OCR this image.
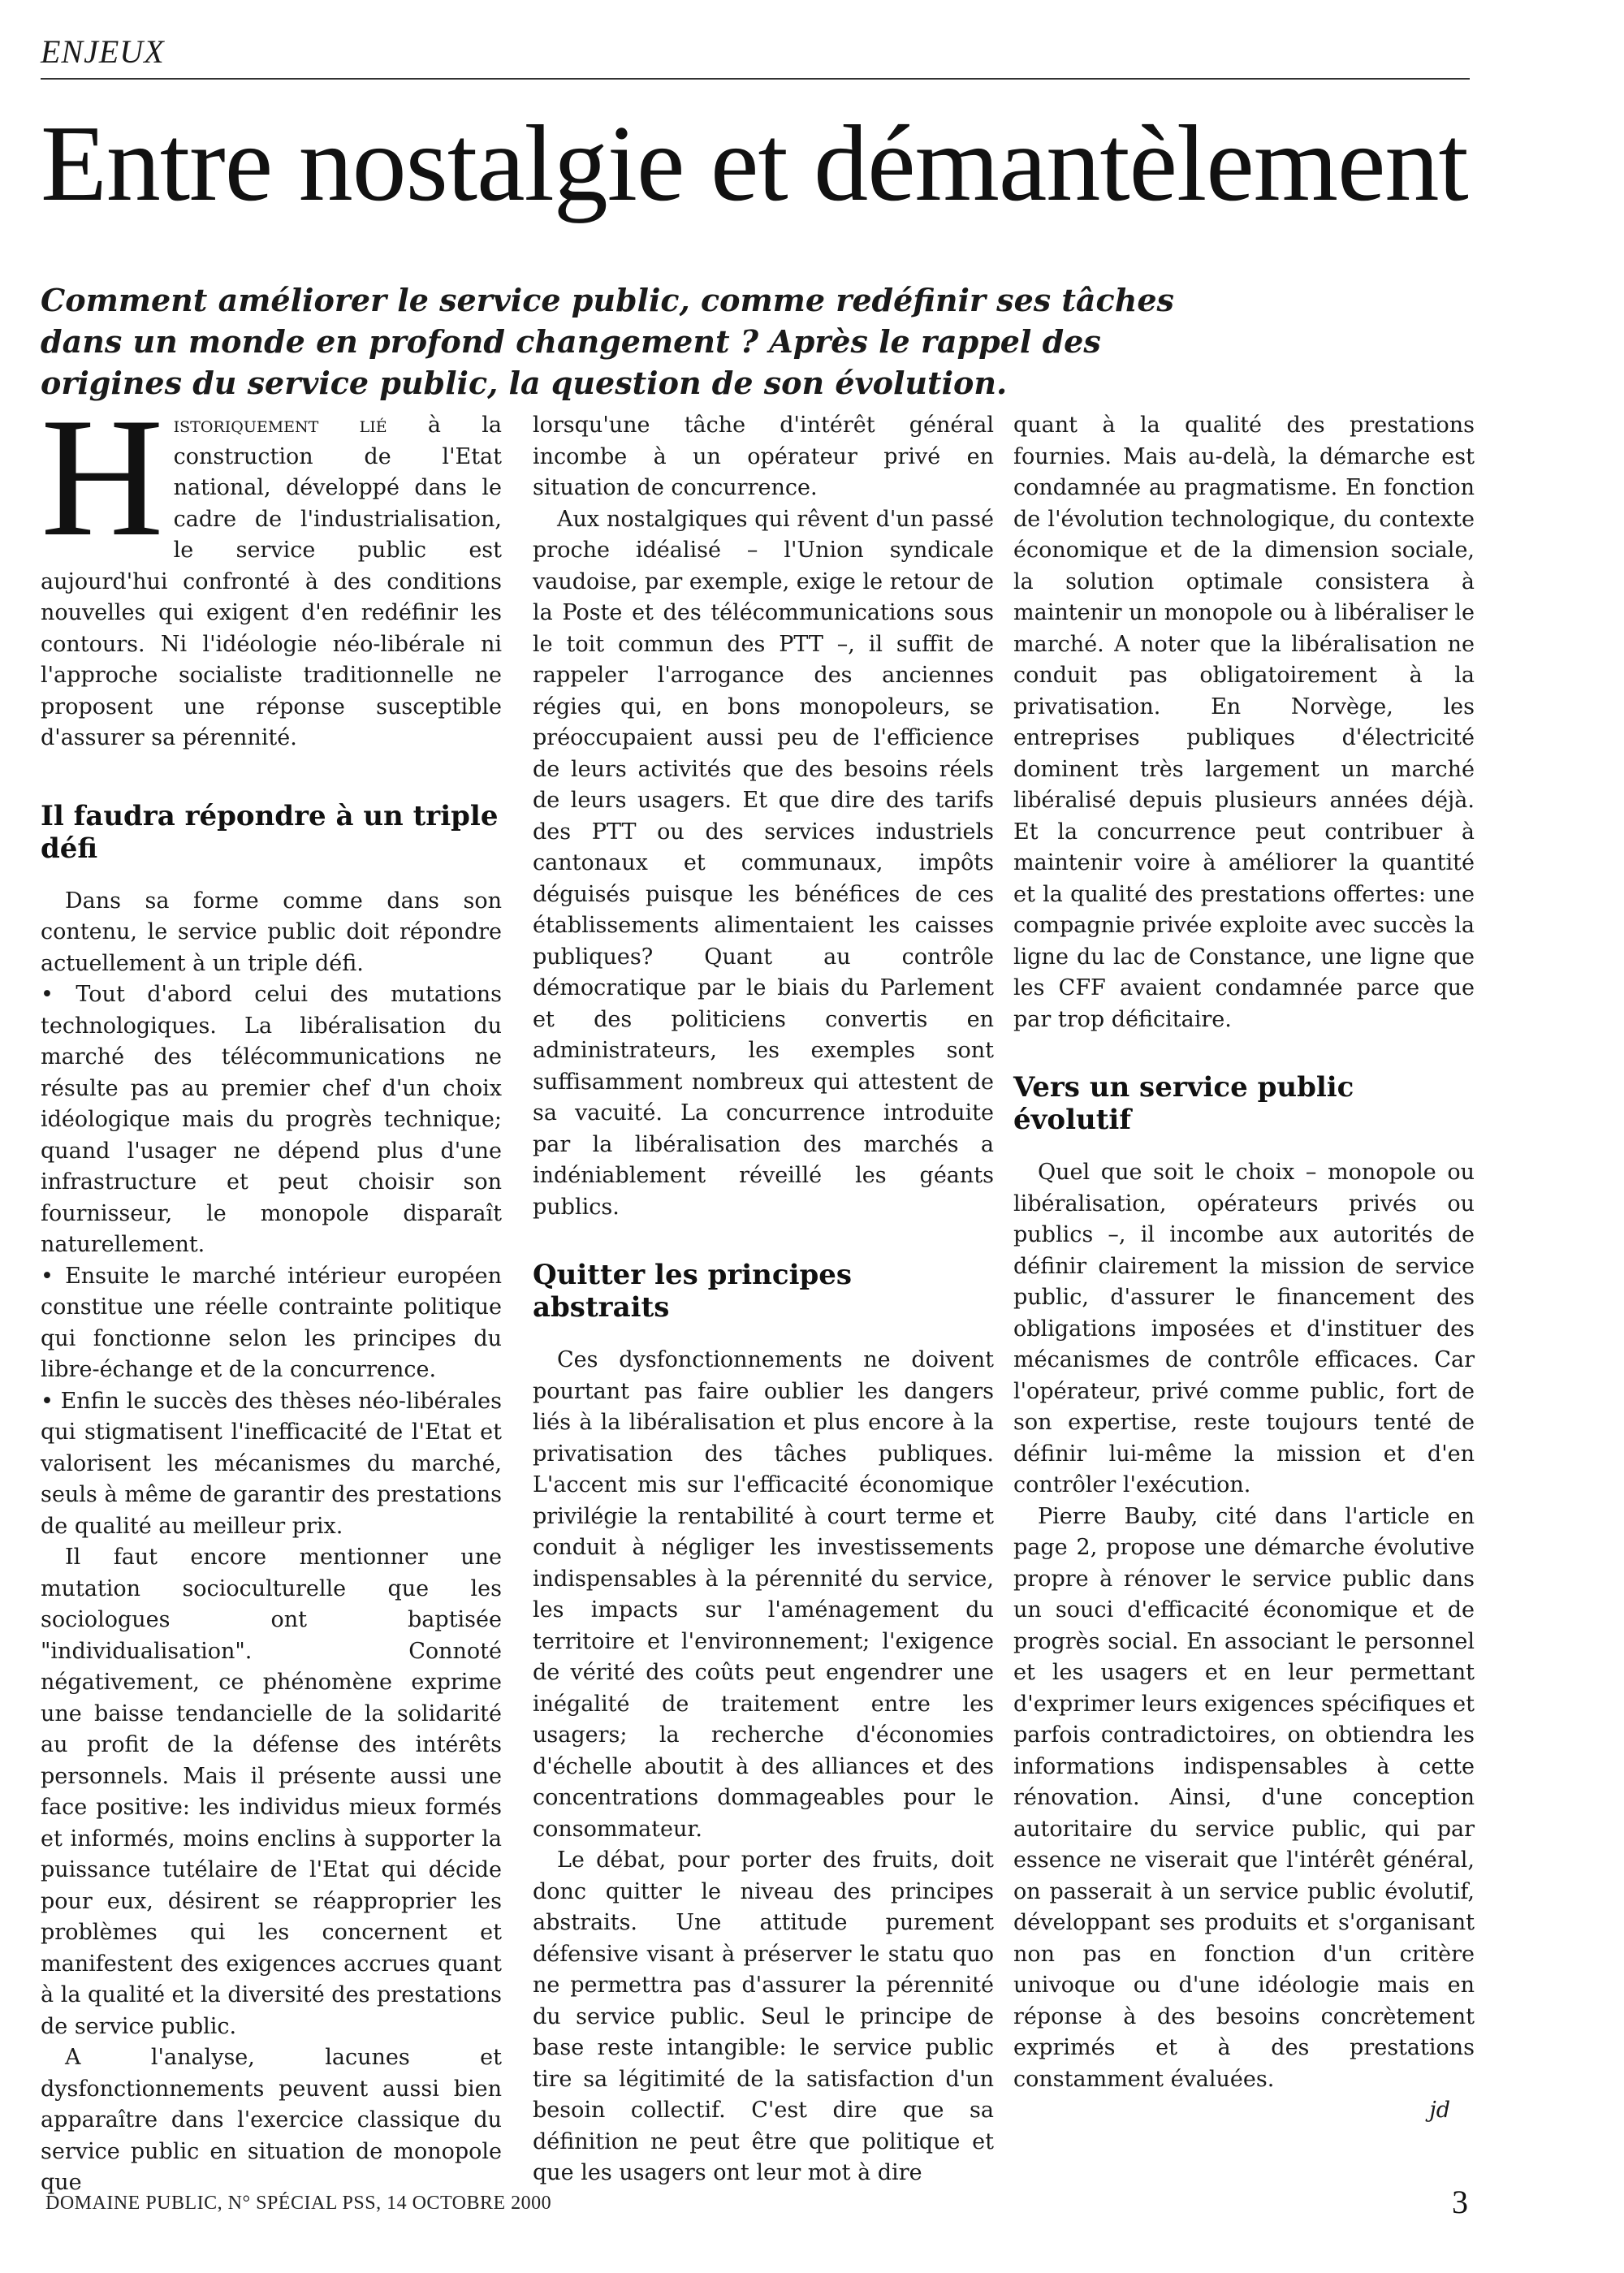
ENJEUX
Entre nostalgie et démantèlement

Comment améliorer le service public, comme redéfinir ses tâches dans un monde en profond changement ? Après le rappel des origines du service public, la question de son évolution.

Historiquement lié à la construction de l'Etat national, développé dans le cadre de l'industrialisation, le service public est aujourd'hui confronté à des conditions nouvelles qui exigent d'en redéfinir les contours. Ni l'idéologie néo-libérale ni l'approche socialiste traditionnelle ne proposent une réponse susceptible d'assurer sa pérennité.

Il faudra répondre à un triple défi

Dans sa forme comme dans son contenu, le service public doit répondre actuellement à un triple défi.

• Tout d'abord celui des mutations technologiques. La libéralisation du marché des télécommunications ne résulte pas au premier chef d'un choix idéologique mais du progrès technique; quand l'usager ne dépend plus d'une infrastructure et peut choisir son fournisseur, le monopole disparaît naturellement.

• Ensuite le marché intérieur européen constitue une réelle contrainte politique qui fonctionne selon les principes du libre-échange et de la concurrence.

• Enfin le succès des thèses néo-libérales qui stigmatisent l'inefficacité de l'Etat et valorisent les mécanismes du marché, seuls à même de garantir des prestations de qualité au meilleur prix.

Il faut encore mentionner une mutation socioculturelle que les sociologues ont baptisée "individualisation". Connoté négativement, ce phénomène exprime une baisse tendancielle de la solidarité au profit de la défense des intérêts personnels. Mais il présente aussi une face positive: les individus mieux formés et informés, moins enclins à supporter la puissance tutélaire de l'Etat qui décide pour eux, désirent se réapproprier les problèmes qui les concernent et manifestent des exigences accrues quant à la qualité et la diversité des prestations de service public.

A l'analyse, lacunes et dysfonctionnements peuvent aussi bien apparaître dans l'exercice classique du service public en situation de monopole que

lorsqu'une tâche d'intérêt général incombe à un opérateur privé en situation de concurrence.

Aux nostalgiques qui rêvent d'un passé proche idéalisé – l'Union syndicale vaudoise, par exemple, exige le retour de la Poste et des télécommunications sous le toit commun des PTT –, il suffit de rappeler l'arrogance des anciennes régies qui, en bons monopoleurs, se préoccupaient aussi peu de l'efficience de leurs activités que des besoins réels de leurs usagers. Et que dire des tarifs des PTT ou des services industriels cantonaux et communaux, impôts déguisés puisque les bénéfices de ces établissements alimentaient les caisses publiques? Quant au contrôle démocratique par le biais du Parlement et des politiciens convertis en administrateurs, les exemples sont suffisamment nombreux qui attestent de sa vacuité. La concurrence introduite par la libéralisation des marchés a indéniablement réveillé les géants publics.

Quitter les principes abstraits

Ces dysfonctionnements ne doivent pourtant pas faire oublier les dangers liés à la libéralisation et plus encore à la privatisation des tâches publiques. L'accent mis sur l'efficacité économique privilégie la rentabilité à court terme et conduit à négliger les investissements indispensables à la pérennité du service, les impacts sur l'aménagement du territoire et l'environnement; l'exigence de vérité des coûts peut engendrer une inégalité de traitement entre les usagers; la recherche d'économies d'échelle aboutit à des alliances et des concentrations dommageables pour le consommateur.

Le débat, pour porter des fruits, doit donc quitter le niveau des principes abstraits. Une attitude purement défensive visant à préserver le statu quo ne permettra pas d'assurer la pérennité du service public. Seul le principe de base reste intangible: le service public tire sa légitimité de la satisfaction d'un besoin collectif. C'est dire que sa définition ne peut être que politique et que les usagers ont leur mot à dire

quant à la qualité des prestations fournies. Mais au-delà, la démarche est condamnée au pragmatisme. En fonction de l'évolution technologique, du contexte économique et de la dimension sociale, la solution optimale consistera à maintenir un monopole ou à libéraliser le marché. A noter que la libéralisation ne conduit pas obligatoirement à la privatisation. En Norvège, les entreprises publiques d'électricité dominent très largement un marché libéralisé depuis plusieurs années déjà. Et la concurrence peut contribuer à maintenir voire à améliorer la quantité et la qualité des prestations offertes: une compagnie privée exploite avec succès la ligne du lac de Constance, une ligne que les CFF avaient condamnée parce que par trop déficitaire.

Vers un service public évolutif

Quel que soit le choix – monopole ou libéralisation, opérateurs privés ou publics –, il incombe aux autorités de définir clairement la mission de service public, d'assurer le financement des obligations imposées et d'instituer des mécanismes de contrôle efficaces. Car l'opérateur, privé comme public, fort de son expertise, reste toujours tenté de définir lui-même la mission et d'en contrôler l'exécution.

Pierre Bauby, cité dans l'article en page 2, propose une démarche évolutive propre à rénover le service public dans un souci d'efficacité économique et de progrès social. En associant le personnel et les usagers et en leur permettant d'exprimer leurs exigences spécifiques et parfois contradictoires, on obtiendra les informations indispensables à cette rénovation. Ainsi, d'une conception autoritaire du service public, qui par essence ne viserait que l'intérêt général, on passerait à un service public évolutif, développant ses produits et s'organisant non pas en fonction d'un critère univoque ou d'une idéologie mais en réponse à des besoins concrètement exprimés et à des prestations constamment évaluées.

jd
DOMAINE PUBLIC, N° SPÉCIAL PSS, 14 OCTOBRE 2000	3
